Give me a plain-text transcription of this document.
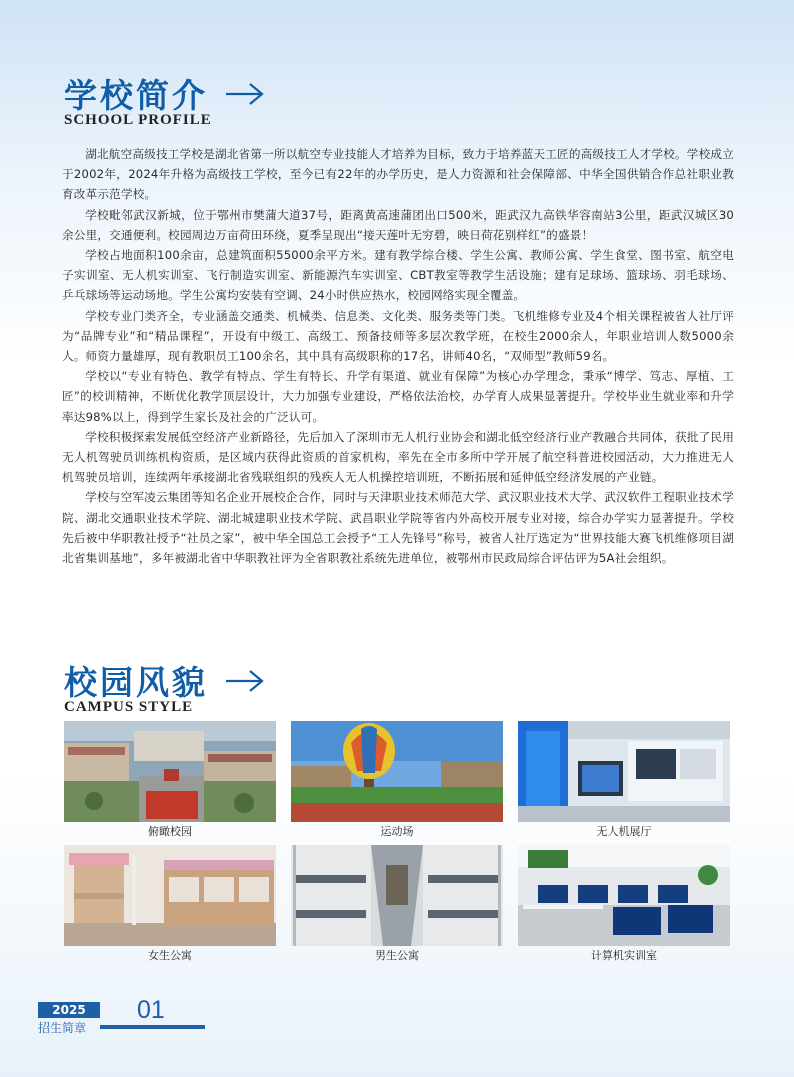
学校简介
SCHOOL PROFILE

湖北航空高级技工学校是湖北省第一所以航空专业技能人才培养为目标，致力于培养蓝天工匠的高级技工人才学校。学校成立于2002年，2024年升格为高级技工学校，至今已有22年的办学历史，是人力资源和社会保障部、中华全国供销合作总社职业教育改革示范学校。

学校毗邻武汉新城，位于鄂州市樊蒲大道37号，距离黄高速蒲团出口500米，距武汉九高铁华容南站3公里，距武汉城区30余公里，交通便利。校园周边万亩荷田环绕，夏季呈现出“接天莲叶无穷碧，映日荷花别样红”的盛景！

学校占地面积100余亩，总建筑面积55000余平方米。建有教学综合楼、学生公寓、教师公寓、学生食堂、图书室、航空电子实训室、无人机实训室、飞行制造实训室、新能源汽车实训室、CBT教室等教学生活设施；建有足球场、篮球场、羽毛球场、乒乓球场等运动场地。学生公寓均安装有空调、24小时供应热水，校园网络实现全覆盖。

学校专业门类齐全，专业涵盖交通类、机械类、信息类、文化类、服务类等门类。飞机维修专业及4个相关课程被省人社厅评为“品牌专业”和“精品课程”，开设有中级工、高级工、预备技师等多层次教学班，在校生2000余人，年职业培训人数5000余人。师资力量雄厚，现有教职员工100余名，其中具有高级职称的17名，讲师40名，“双师型”教师59名。

学校以“专业有特色、教学有特点、学生有特长、升学有渠道、就业有保障”为核心办学理念，秉承“博学、笃志、厚植、工匠”的校训精神，不断优化教学顶层设计，大力加强专业建设，严格依法治校，办学育人成果显著提升。学校毕业生就业率和升学率达98%以上，得到学生家长及社会的广泛认可。

学校积极探索发展低空经济产业新路径，先后加入了深圳市无人机行业协会和湖北低空经济行业产教融合共同体，获批了民用无人机驾驶员训练机构资质，是区域内获得此资质的首家机构，率先在全市多所中学开展了航空科普进校园活动，大力推进无人机驾驶员培训，连续两年承接湖北省残联组织的残疾人无人机操控培训班，不断拓展和延伸低空经济发展的产业链。

学校与空军凌云集团等知名企业开展校企合作，同时与天津职业技术师范大学、武汉职业技术大学、武汉软件工程职业技术学院、湖北交通职业技术学院、湖北城建职业技术学院、武昌职业学院等省内外高校开展专业对接，综合办学实力显著提升。学校先后被中华职教社授予“社员之家”，被中华全国总工会授予“工人先锋号”称号，被省人社厅选定为“世界技能大赛飞机维修项目湖北省集训基地”，多年被湖北省中华职教社评为全省职教社系统先进单位，被鄂州市民政局综合评估评为5A社会组织。

校园风貌
CAMPUS STYLE
俯瞰校园	运动场	无人机展厅
女生公寓	男生公寓	计算机实训室
2025
招生简章
01
